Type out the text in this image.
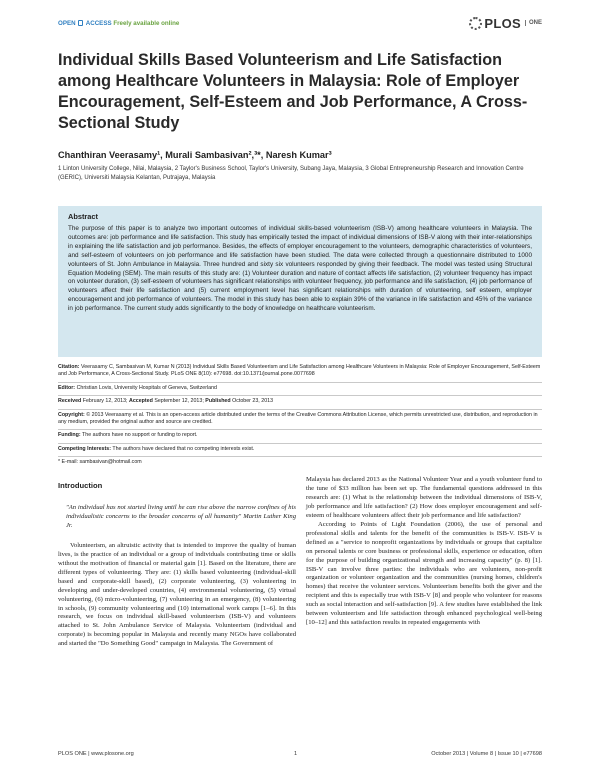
OPEN ACCESS Freely available online	PLOS	ONE
Individual Skills Based Volunteerism and Life Satisfaction among Healthcare Volunteers in Malaysia: Role of Employer Encouragement, Self-Esteem and Job Performance, A Cross-Sectional Study
Chanthiran Veerasamy¹, Murali Sambasivan²,³*, Naresh Kumar³
1 Linton University College, Nilai, Malaysia, 2 Taylor's Business School, Taylor's University, Subang Jaya, Malaysia, 3 Global Entrepreneurship Research and Innovation Centre (GERIC), Universiti Malaysia Kelantan, Putrajaya, Malaysia
Abstract

The purpose of this paper is to analyze two important outcomes of individual skills-based volunteerism (ISB-V) among healthcare volunteers in Malaysia. The outcomes are: job performance and life satisfaction. This study has empirically tested the impact of individual dimensions of ISB-V along with their inter-relationships in explaining the life satisfaction and job performance. Besides, the effects of employer encouragement to the volunteers, demographic characteristics of volunteers, and self-esteem of volunteers on job performance and life satisfaction have been studied. The data were collected through a questionnaire distributed to 1000 volunteers of St. John Ambulance in Malaysia. Three hundred and sixty six volunteers responded by giving their feedback. The model was tested using Structural Equation Modeling (SEM). The main results of this study are: (1) Volunteer duration and nature of contact affects life satisfaction, (2) volunteer frequency has impact on volunteer duration, (3) self-esteem of volunteers has significant relationships with volunteer frequency, job performance and life satisfaction, (4) job performance of volunteers affect their life satisfaction and (5) current employment level has significant relationships with duration of volunteering, self esteem, employer encouragement and job performance of volunteers. The model in this study has been able to explain 39% of the variance in life satisfaction and 45% of the variance in job performance. The current study adds significantly to the body of knowledge on healthcare volunteerism.

Citation: Veerasamy C, Sambasivan M, Kumar N (2013) Individual Skills Based Volunteerism and Life Satisfaction among Healthcare Volunteers in Malaysia: Role of Employer Encouragement, Self-Esteem and Job Performance, A Cross-Sectional Study. PLoS ONE 8(10): e77698. doi:10.1371/journal.pone.0077698
Editor: Christian Lovis, University Hospitals of Geneva, Switzerland
Received February 12, 2013; Accepted September 12, 2013; Published October 23, 2013
Copyright: © 2013 Veerasamy et al. This is an open-access article distributed under the terms of the Creative Commons Attribution License, which permits unrestricted use, distribution, and reproduction in any medium, provided the original author and source are credited.
Funding: The authors have no support or funding to report.
Competing Interests: The authors have declared that no competing interests exist.
* E-mail: sambasivan@hotmail.com
Introduction

"An individual has not started living until he can rise above the narrow confines of his individualistic concerns to the broader concerns of all humanity" Martin Luther King Jr.

Volunteerism, an altruistic activity that is intended to improve the quality of human lives, is the practice of an individual or a group of individuals contributing time or skills without the motivation of financial or material gain [1]. Based on the literature, there are different types of volunteering. They are: (1) skills based volunteering (individual-skill based and corporate-skill based), (2) corporate volunteering, (3) volunteering in developing and under-developed countries, (4) environmental volunteering, (5) virtual volunteering, (6) micro-volunteering, (7) volunteering in an emergency, (8) volunteering in schools, (9) community volunteering and (10) international work camps [1–6]. In this research, we focus on individual skill-based volunteerism (ISB-V) and volunteers attached to St. John Ambulance Service of Malaysia. Volunteerism (individual and corporate) is becoming popular in Malaysia and recently many NGOs have collaborated and started the "Do Something Good" campaign in Malaysia. The Government of

Malaysia has declared 2013 as the National Volunteer Year and a youth volunteer fund to the tune of $33 million has been set up. The fundamental questions addressed in this research are: (1) What is the relationship between the individual dimensions of ISB-V, job performance and life satisfaction? (2) How does employer encouragement and self-esteem of healthcare volunteers affect their job performance and life satisfaction?

According to Points of Light Foundation (2006), the use of personal and professional skills and talents for the benefit of the communities is ISB-V. ISB-V is defined as a "service to nonprofit organizations by individuals or groups that capitalize on personal talents or core business or professional skills, experience or education, often for the purpose of building organizational strength and increasing capacity" (p. 8) [1]. ISB-V can involve three parties: the individuals who are volunteers, non-profit organization or volunteer organization and the communities (nursing homes, children's homes) that receive the volunteer services. Volunteerism benefits both the giver and the recipient and this is especially true with ISB-V [8] and people who volunteer for reasons such as social interaction and self-satisfaction [9]. A few studies have established the link between volunteerism and life satisfaction through enhanced psychological well-being [10–12] and this satisfaction results in repeated engagements with

PLOS ONE | www.plosone.org	1	October 2013 | Volume 8 | Issue 10 | e77698
